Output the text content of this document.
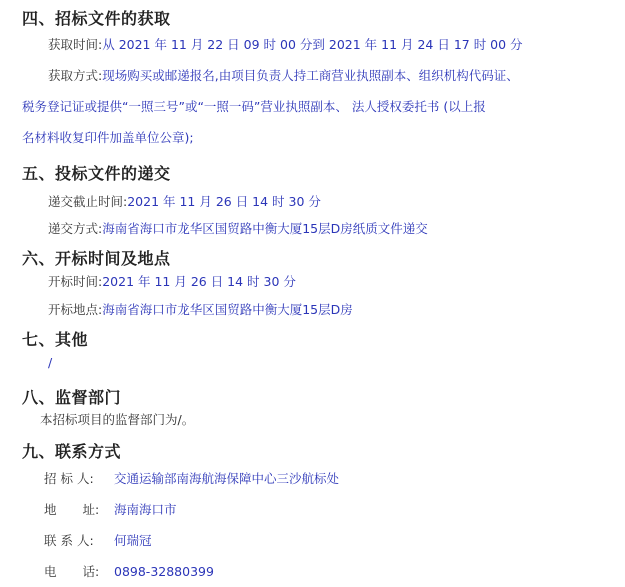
四、招标文件的获取
获取时间:从 2021 年 11 月 22 日 09 时 00 分到 2021 年 11 月 24 日 17 时 00 分
获取方式:现场购买或邮递报名,由项目负责人持工商营业执照副本、组织机构代码证、
税务登记证或提供“一照三号”或“一照一码”营业执照副本、 法人授权委托书 (以上报
名材料收复印件加盖单位公章);
五、投标文件的递交
递交截止时间:2021 年 11 月 26 日 14 时 30 分
递交方式:海南省海口市龙华区国贸路中衡大厦15层D房纸质文件递交
六、开标时间及地点
开标时间:2021 年 11 月 26 日 14 时 30 分
开标地点:海南省海口市龙华区国贸路中衡大厦15层D房
七、其他
/
八、监督部门
本招标项目的监督部门为/。
九、联系方式
招 标 人: 交通运输部南海航海保障中心三沙航标处
地 址: 海南海口市
联 系 人: 何瑞冠
电 话: 0898-32880399
